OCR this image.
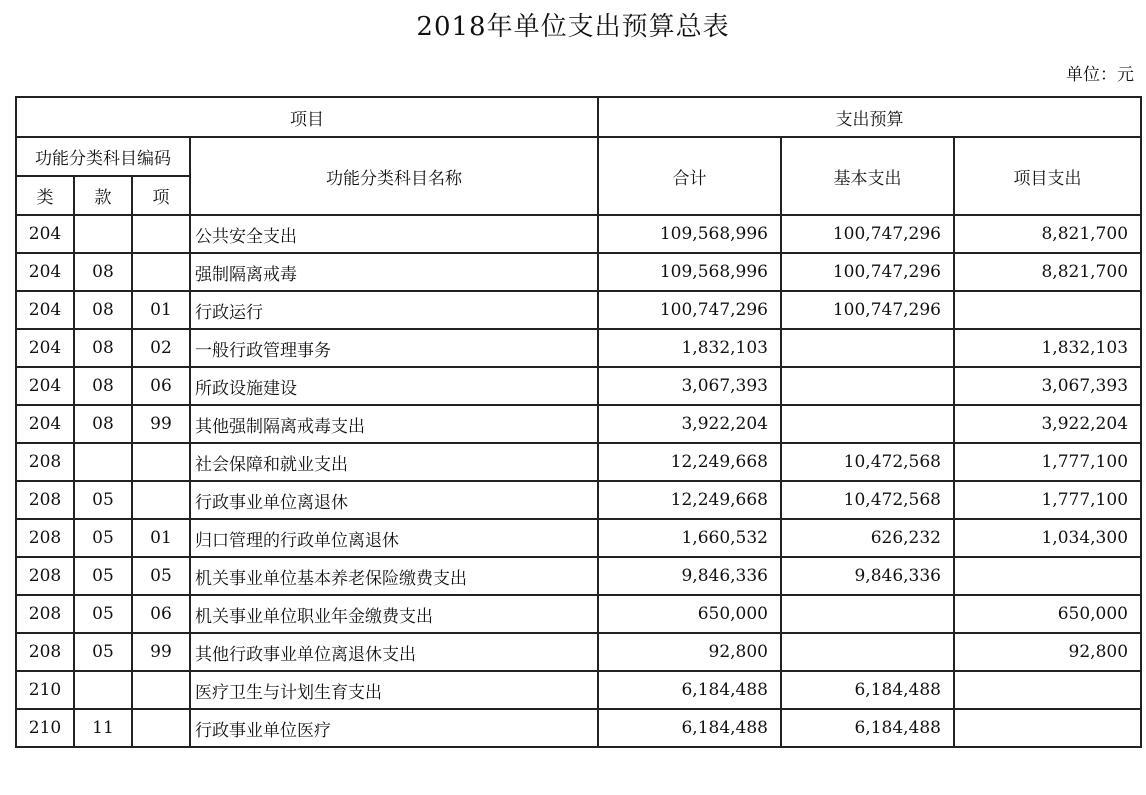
2018年单位支出预算总表
单位：元
项目				支出预算		
功能分类科目编码			功能分类科目名称	合计	基本支出	项目支出
类	款	项				
204			公共安全支出	109,568,996	100,747,296	8,821,700
204	08		强制隔离戒毒	109,568,996	100,747,296	8,821,700
204	08	01	行政运行	100,747,296	100,747,296	
204	08	02	一般行政管理事务	1,832,103		1,832,103
204	08	06	所政设施建设	3,067,393		3,067,393
204	08	99	其他强制隔离戒毒支出	3,922,204		3,922,204
208			社会保障和就业支出	12,249,668	10,472,568	1,777,100
208	05		行政事业单位离退休	12,249,668	10,472,568	1,777,100
208	05	01	归口管理的行政单位离退休	1,660,532	626,232	1,034,300
208	05	05	机关事业单位基本养老保险缴费支出	9,846,336	9,846,336	
208	05	06	机关事业单位职业年金缴费支出	650,000		650,000
208	05	99	其他行政事业单位离退休支出	92,800		92,800
210			医疗卫生与计划生育支出	6,184,488	6,184,488	
210	11		行政事业单位医疗	6,184,488	6,184,488	
